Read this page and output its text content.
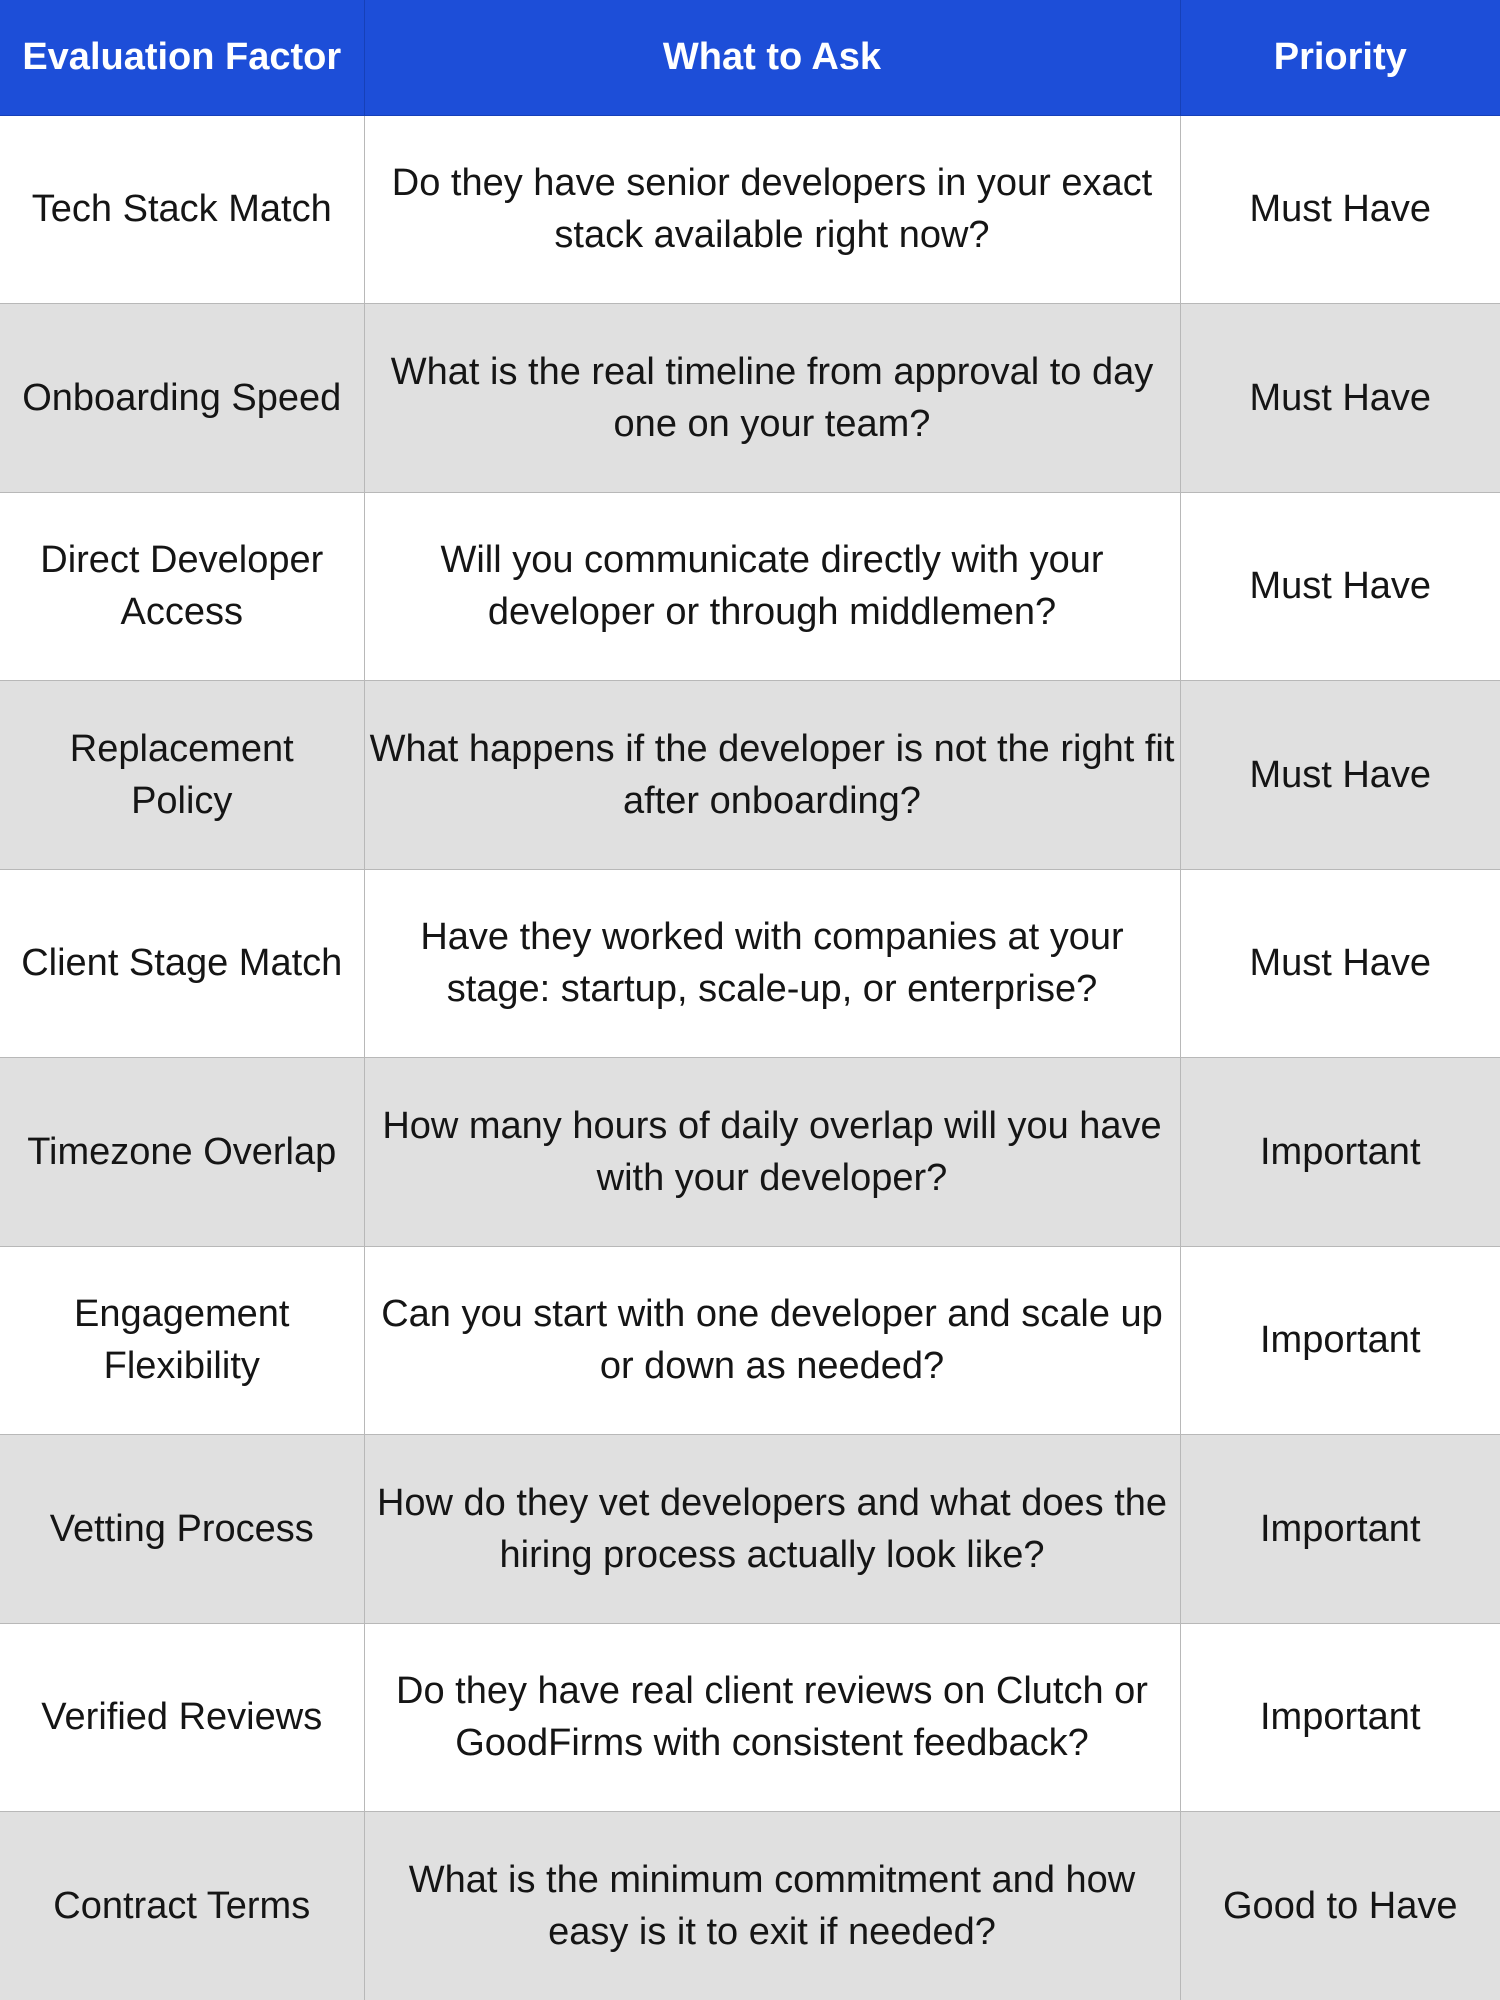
Evaluation Factor	What to Ask	Priority
Tech Stack Match	Do they have senior developers in your exact stack available right now?	Must Have
Onboarding Speed	What is the real timeline from approval to day one on your team?	Must Have
Direct Developer Access	Will you communicate directly with your developer or through middlemen?	Must Have
Replacement Policy	What happens if the developer is not the right fit after onboarding?	Must Have
Client Stage Match	Have they worked with companies at your stage: startup, scale-up, or enterprise?	Must Have
Timezone Overlap	How many hours of daily overlap will you have with your developer?	Important
Engagement Flexibility	Can you start with one developer and scale up or down as needed?	Important
Vetting Process	How do they vet developers and what does the hiring process actually look like?	Important
Verified Reviews	Do they have real client reviews on Clutch or GoodFirms with consistent feedback?	Important
Contract Terms	What is the minimum commitment and how easy is it to exit if needed?	Good to Have
